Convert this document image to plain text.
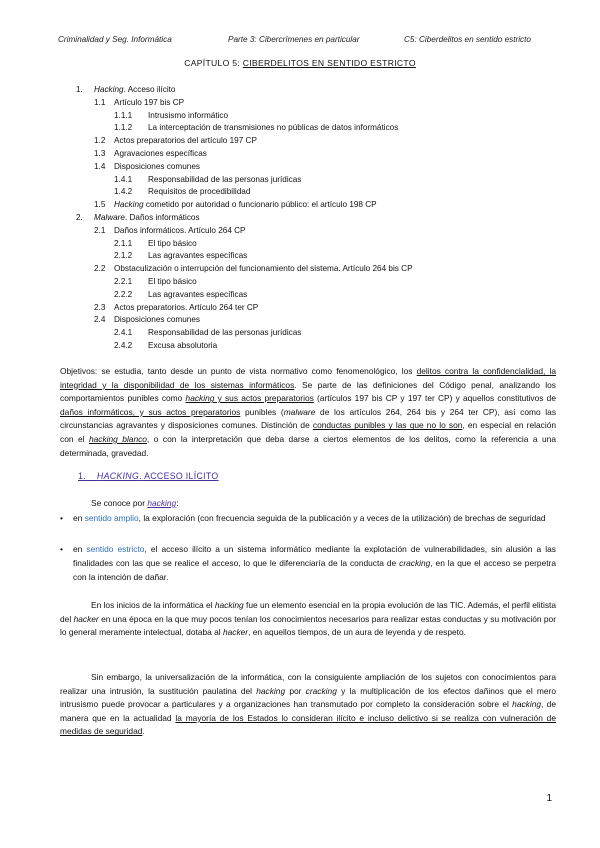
Criminalidad y Seg. Informática	Parte 3: Cibercrímenes en particular	C5: Ciberdelitos en sentido estricto
CAPÍTULO 5: CIBERDELITOS EN SENTIDO ESTRICTO
1. Hacking. Acceso ilícito
1.1 Artículo 197 bis CP
1.1.1 Intrusismo informático
1.1.2 La interceptación de transmisiones no públicas de datos informáticos
1.2 Actos preparatorios del artículo 197 CP
1.3 Agravaciones específicas
1.4 Disposiciones comunes
1.4.1 Responsabilidad de las personas jurídicas
1.4.2 Requisitos de procedibilidad
1.5 Hacking cometido por autoridad o funcionario público: el artículo 198 CP
2. Malware. Daños informáticos
2.1 Daños informáticos. Artículo 264 CP
2.1.1 El tipo básico
2.1.2 Las agravantes específicas
2.2 Obstaculización o interrupción del funcionamiento del sistema. Artículo 264 bis CP
2.2.1 El tipo básico
2.2.2 Las agravantes específicas
2.3 Actos preparatorios. Artículo 264 ter CP
2.4 Disposiciones comunes
2.4.1 Responsabilidad de las personas jurídicas
2.4.2 Excusa absolutoria
Objetivos: se estudia, tanto desde un punto de vista normativo como fenomenológico, los delitos contra la confidencialidad, la integridad y la disponibilidad de los sistemas informáticos. Se parte de las definiciones del Código penal, analizando los comportamientos punibles como hacking y sus actos preparatorios (artículos 197 bis CP y 197 ter CP) y aquellos constitutivos de daños informáticos, y sus actos preparatorios punibles (malware de los artículos 264, 264 bis y 264 ter CP), así como las circunstancias agravantes y disposiciones comunes. Distinción de conductas punibles y las que no lo son, en especial en relación con el hacking blanco, o con la interpretación que deba darse a ciertos elementos de los delitos, como la referencia a una determinada, gravedad.
1. HACKING. ACCESO ILÍCITO
Se conoce por hacking:
• en sentido amplio, la exploración (con frecuencia seguida de la publicación y a veces de la utilización) de brechas de seguridad
• en sentido estricto, el acceso ilícito a un sistema informático mediante la explotación de vulnerabilidades, sin alusión a las finalidades con las que se realice el acceso, lo que le diferenciaría de la conducta de cracking, en la que el acceso se perpetra con la intención de dañar.
En los inicios de la informática el hacking fue un elemento esencial en la propia evolución de las TIC. Además, el perfil elitista del hacker en una época en la que muy pocos tenían los conocimientos necesarios para realizar estas conductas y su motivación por lo general meramente intelectual, dotaba al hacker, en aquellos tiempos, de un aura de leyenda y de respeto.
Sin embargo, la universalización de la informática, con la consiguiente ampliación de los sujetos con conocimientos para realizar una intrusión, la sustitución paulatina del hacking por cracking y la multiplicación de los efectos dañinos que el mero intrusismo puede provocar a particulares y a organizaciones han transmutado por completo la consideración sobre el hacking, de manera que en la actualidad la mayoría de los Estados lo consideran ilícito e incluso delictivo si se realiza con vulneración de medidas de seguridad.
1
